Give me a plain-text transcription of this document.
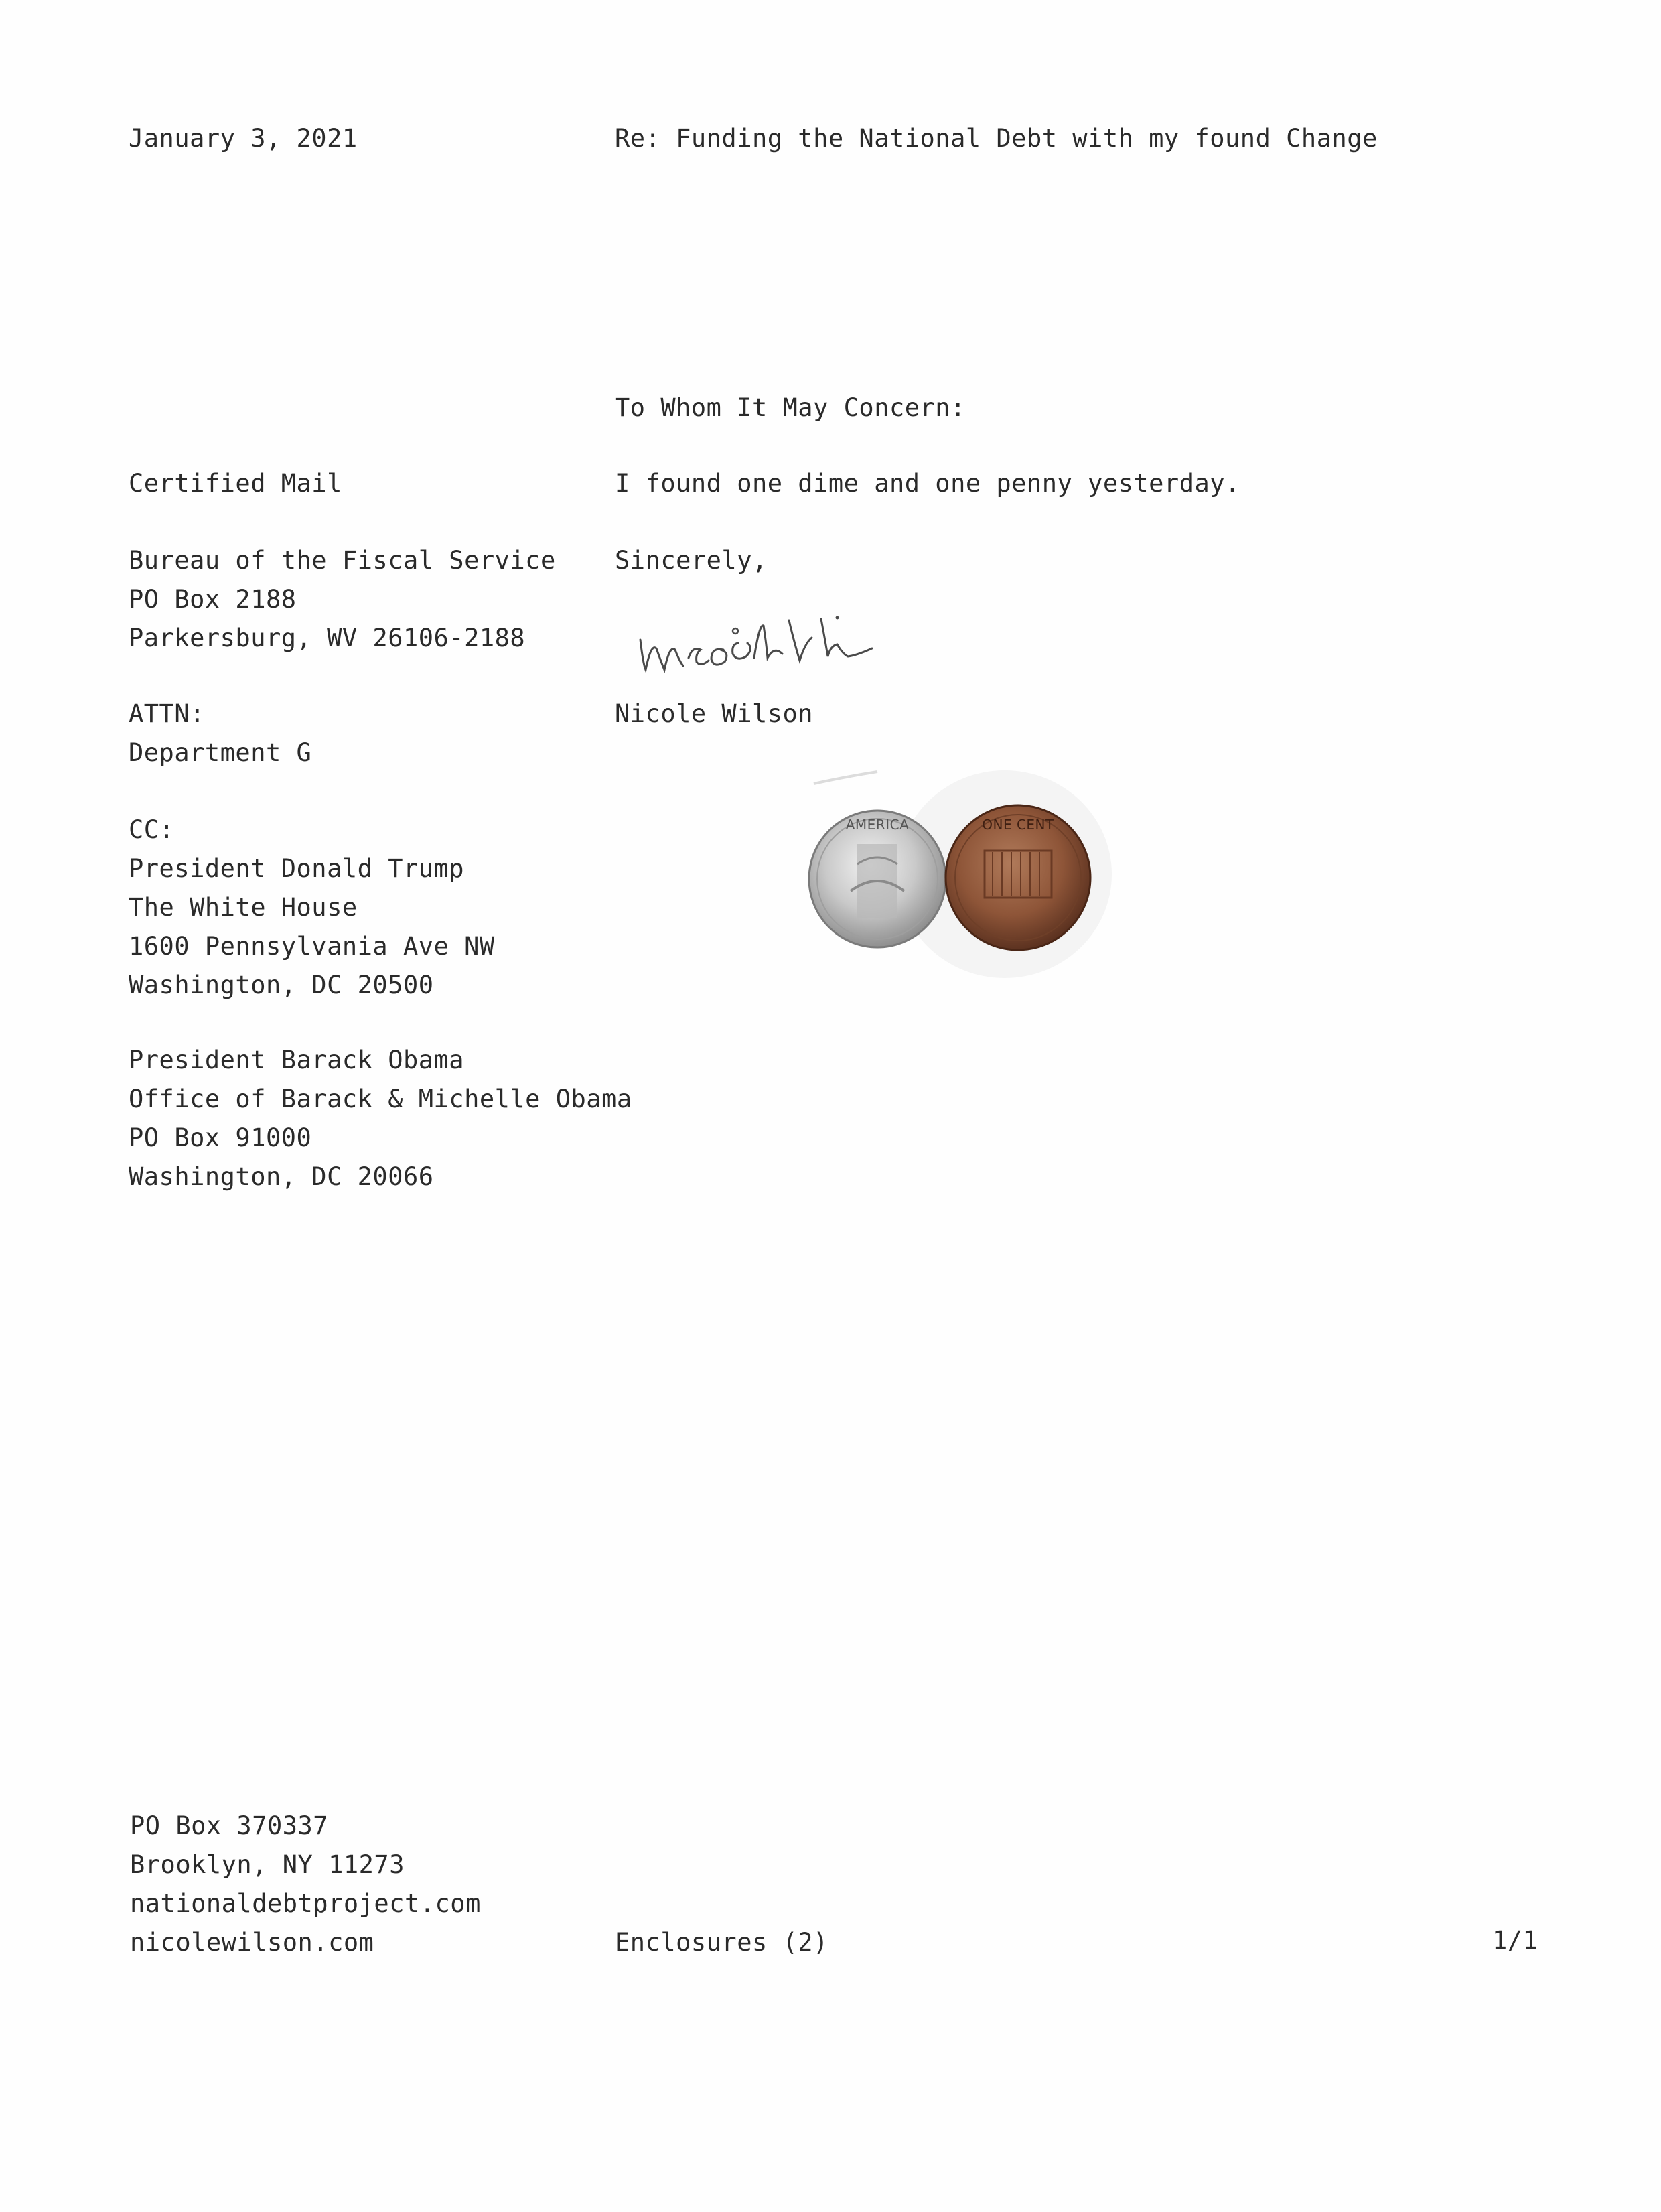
January 3, 2021	Re: Funding the National Debt with my found Change
To Whom It May Concern:
I found one dime and one penny yesterday.
Sincerely,
Nicole Wilson
AMERICA	ONE CENT
Certified Mail
Bureau of the Fiscal Service
PO Box 2188
Parkersburg, WV 26106-2188
ATTN:
Department G
CC:
President Donald Trump
The White House
1600 Pennsylvania Ave NW
Washington, DC 20500
President Barack Obama
Office of Barack & Michelle Obama
PO Box 91000
Washington, DC 20066
PO Box 370337
Brooklyn, NY 11273
nationaldebtproject.com
nicolewilson.com	Enclosures (2)	1/1
